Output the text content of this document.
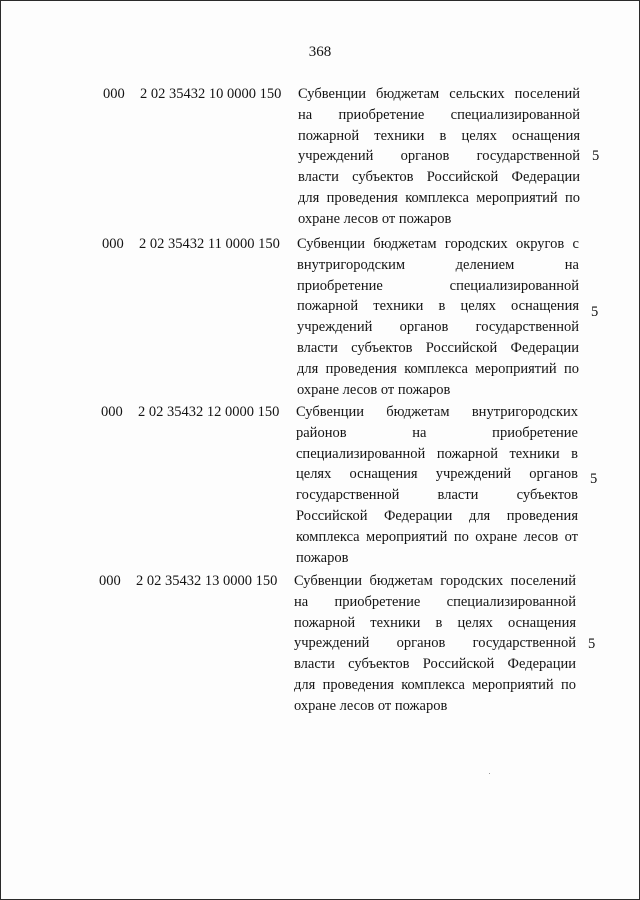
368
000 2 02 35432 10 0000 150 Субвенции бюджетам сельских поселений
на приобретение специализированной
пожарной техники в целях оснащения
учреждений органов государственной
власти субъектов Российской Федерации
для проведения комплекса мероприятий по
охране лесов от пожаров
5
000 2 02 35432 11 0000 150 Субвенции бюджетам городских округов с
внутригородским делением на
приобретение специализированной
пожарной техники в целях оснащения
учреждений органов государственной
власти субъектов Российской Федерации
для проведения комплекса мероприятий по
охране лесов от пожаров
5
000 2 02 35432 12 0000 150 Субвенции бюджетам внутригородских
районов на приобретение
специализированной пожарной техники в
целях оснащения учреждений органов
государственной власти субъектов
Российской Федерации для проведения
комплекса мероприятий по охране лесов от
пожаров
5
000 2 02 35432 13 0000 150 Субвенции бюджетам городских поселений
на приобретение специализированной
пожарной техники в целях оснащения
учреждений органов государственной
власти субъектов Российской Федерации
для проведения комплекса мероприятий по
охране лесов от пожаров
5
